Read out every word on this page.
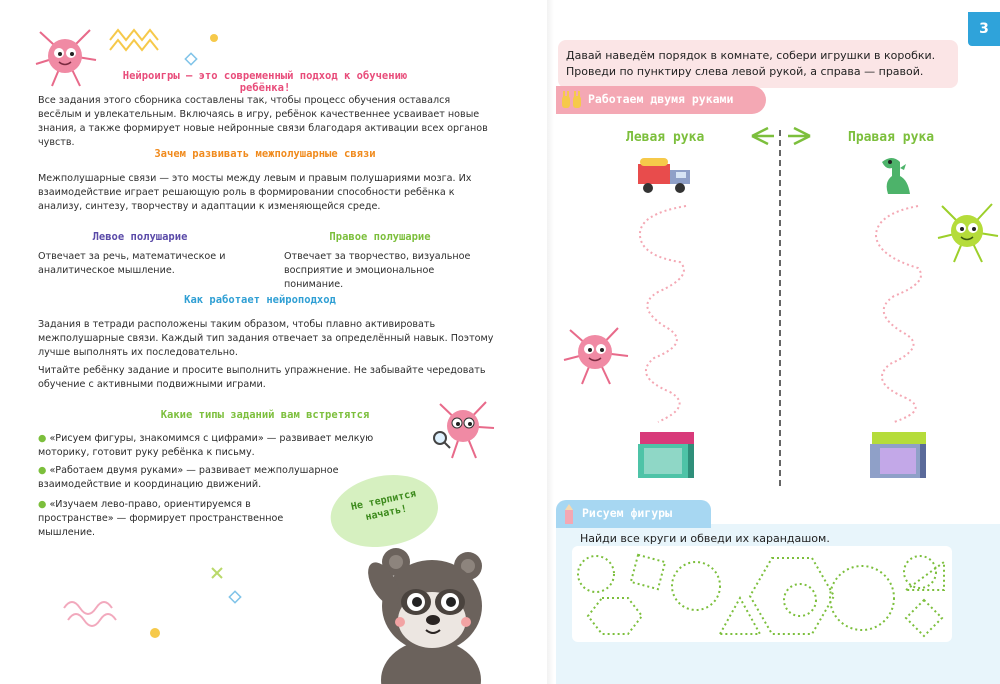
Нейроигры — это современный подход к обучению ребёнка!
Все задания этого сборника составлены так, чтобы процесс обучения оставался весёлым и увлекательным. Включаясь в игру, ребёнок качественнее усваивает новые знания, а также формирует новые нейронные связи благодаря активации всех органов чувств.
Зачем развивать межполушарные связи
Межполушарные связи — это мосты между левым и правым полушариями мозга. Их взаимодействие играет решающую роль в формировании способности ребёнка к анализу, синтезу, творчеству и адаптации к изменяющейся среде.
Левое полушарие	Правое полушарие
Отвечает за речь, математическое и аналитическое мышление.
Отвечает за творчество, визуальное восприятие и эмоциональное понимание.
Как работает нейроподход
Задания в тетради расположены таким образом, чтобы плавно активировать межполушарные связи. Каждый тип задания отвечает за определённый навык. Поэтому лучше выполнять их последовательно.
Читайте ребёнку задание и просите выполнить упражнение. Не забывайте чередовать обучение с активными подвижными играми.
Какие типы заданий вам встретятся
● «Рисуем фигуры, знакомимся с цифрами» — развивает мелкую моторику, готовит руку ребёнка к письму.
● «Работаем двумя руками» — развивает межполушарное взаимодействие и координацию движений.
● «Изучаем лево-право, ориентируемся в пространстве» — формирует пространственное мышление.
Не терпится начать!
3
Давай наведём порядок в комнате, собери игрушки в коробки. Проведи по пунктиру слева левой рукой, а справа — правой.
Работаем двумя руками
Левая рука	Правая рука
Рисуем фигуры
Найди все круги и обведи их карандашом.
